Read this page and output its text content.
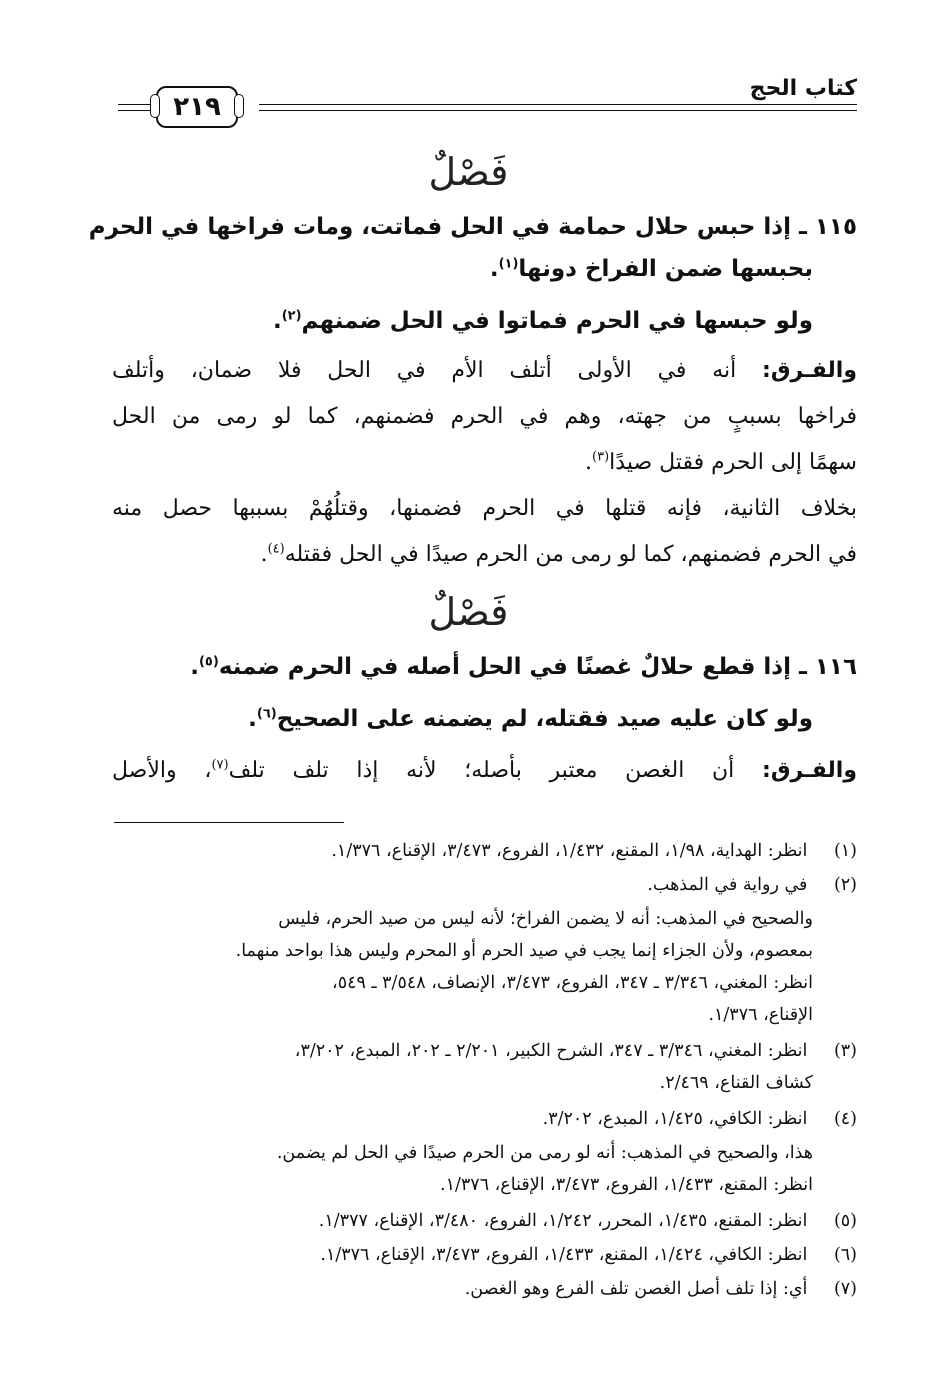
كتاب الحج
٢١٩
فَصْلٌ
١١٥ ـ إذا حبس حلال حمامة في الحل فماتت، ومات فراخها في الحرم
بحبسها ضمن الفراخ دونها$^{(١)}$.
ولو حبسها في الحرم فماتوا في الحل ضمنهم$^{(٢)}$.
والفـرق: أنه في الأولى أتلف الأم في الحل فلا ضمان، وأتلف
فراخها بسببٍ من جهته، وهم في الحرم فضمنهم، كما لو رمى من الحل
سهمًا إلى الحرم فقتل صيدًا$^{(٣)}$.
بخلاف الثانية، فإنه قتلها في الحرم فضمنها، وقتلُهُمْ بسببها حصل منه
في الحرم فضمنهم، كما لو رمى من الحرم صيدًا في الحل فقتله$^{(٤)}$.
فَصْلٌ
١١٦ ـ إذا قطع حلالٌ غصنًا في الحل أصله في الحرم ضمنه$^{(٥)}$.
ولو كان عليه صيد فقتله، لم يضمنه على الصحيح$^{(٦)}$.
والفـرق: أن الغصن معتبر بأصله؛ لأنه إذا تلف تلف$^{(٧)}$، والأصل
(١) انظر: الهداية، ١/٩٨، المقنع، ١/٤٣٢، الفروع، ٣/٤٧٣، الإقناع، ١/٣٧٦.
(٢) في رواية في المذهب.
والصحيح في المذهب: أنه لا يضمن الفراخ؛ لأنه ليس من صيد الحرم، فليس
بمعصوم، ولأن الجزاء إنما يجب في صيد الحرم أو المحرم وليس هذا بواحد منهما.
انظر: المغني، ٣/٣٤٦ ـ ٣٤٧، الفروع، ٣/٤٧٣، الإنصاف، ٣/٥٤٨ ـ ٥٤٩،
الإقناع، ١/٣٧٦.
(٣) انظر: المغني، ٣/٣٤٦ ـ ٣٤٧، الشرح الكبير، ٢/٢٠١ ـ ٢٠٢، المبدع، ٣/٢٠٢،
كشاف القناع، ٢/٤٦٩.
(٤) انظر: الكافي، ١/٤٢٥، المبدع، ٣/٢٠٢.
هذا، والصحيح في المذهب: أنه لو رمى من الحرم صيدًا في الحل لم يضمن.
انظر: المقنع، ١/٤٣٣، الفروع، ٣/٤٧٣، الإقناع، ١/٣٧٦.
(٥) انظر: المقنع، ١/٤٣٥، المحرر، ١/٢٤٢، الفروع، ٣/٤٨٠، الإقناع، ١/٣٧٧.
(٦) انظر: الكافي، ١/٤٢٤، المقنع، ١/٤٣٣، الفروع، ٣/٤٧٣، الإقناع، ١/٣٧٦.
(٧) أي: إذا تلف أصل الغصن تلف الفرع وهو الغصن.
